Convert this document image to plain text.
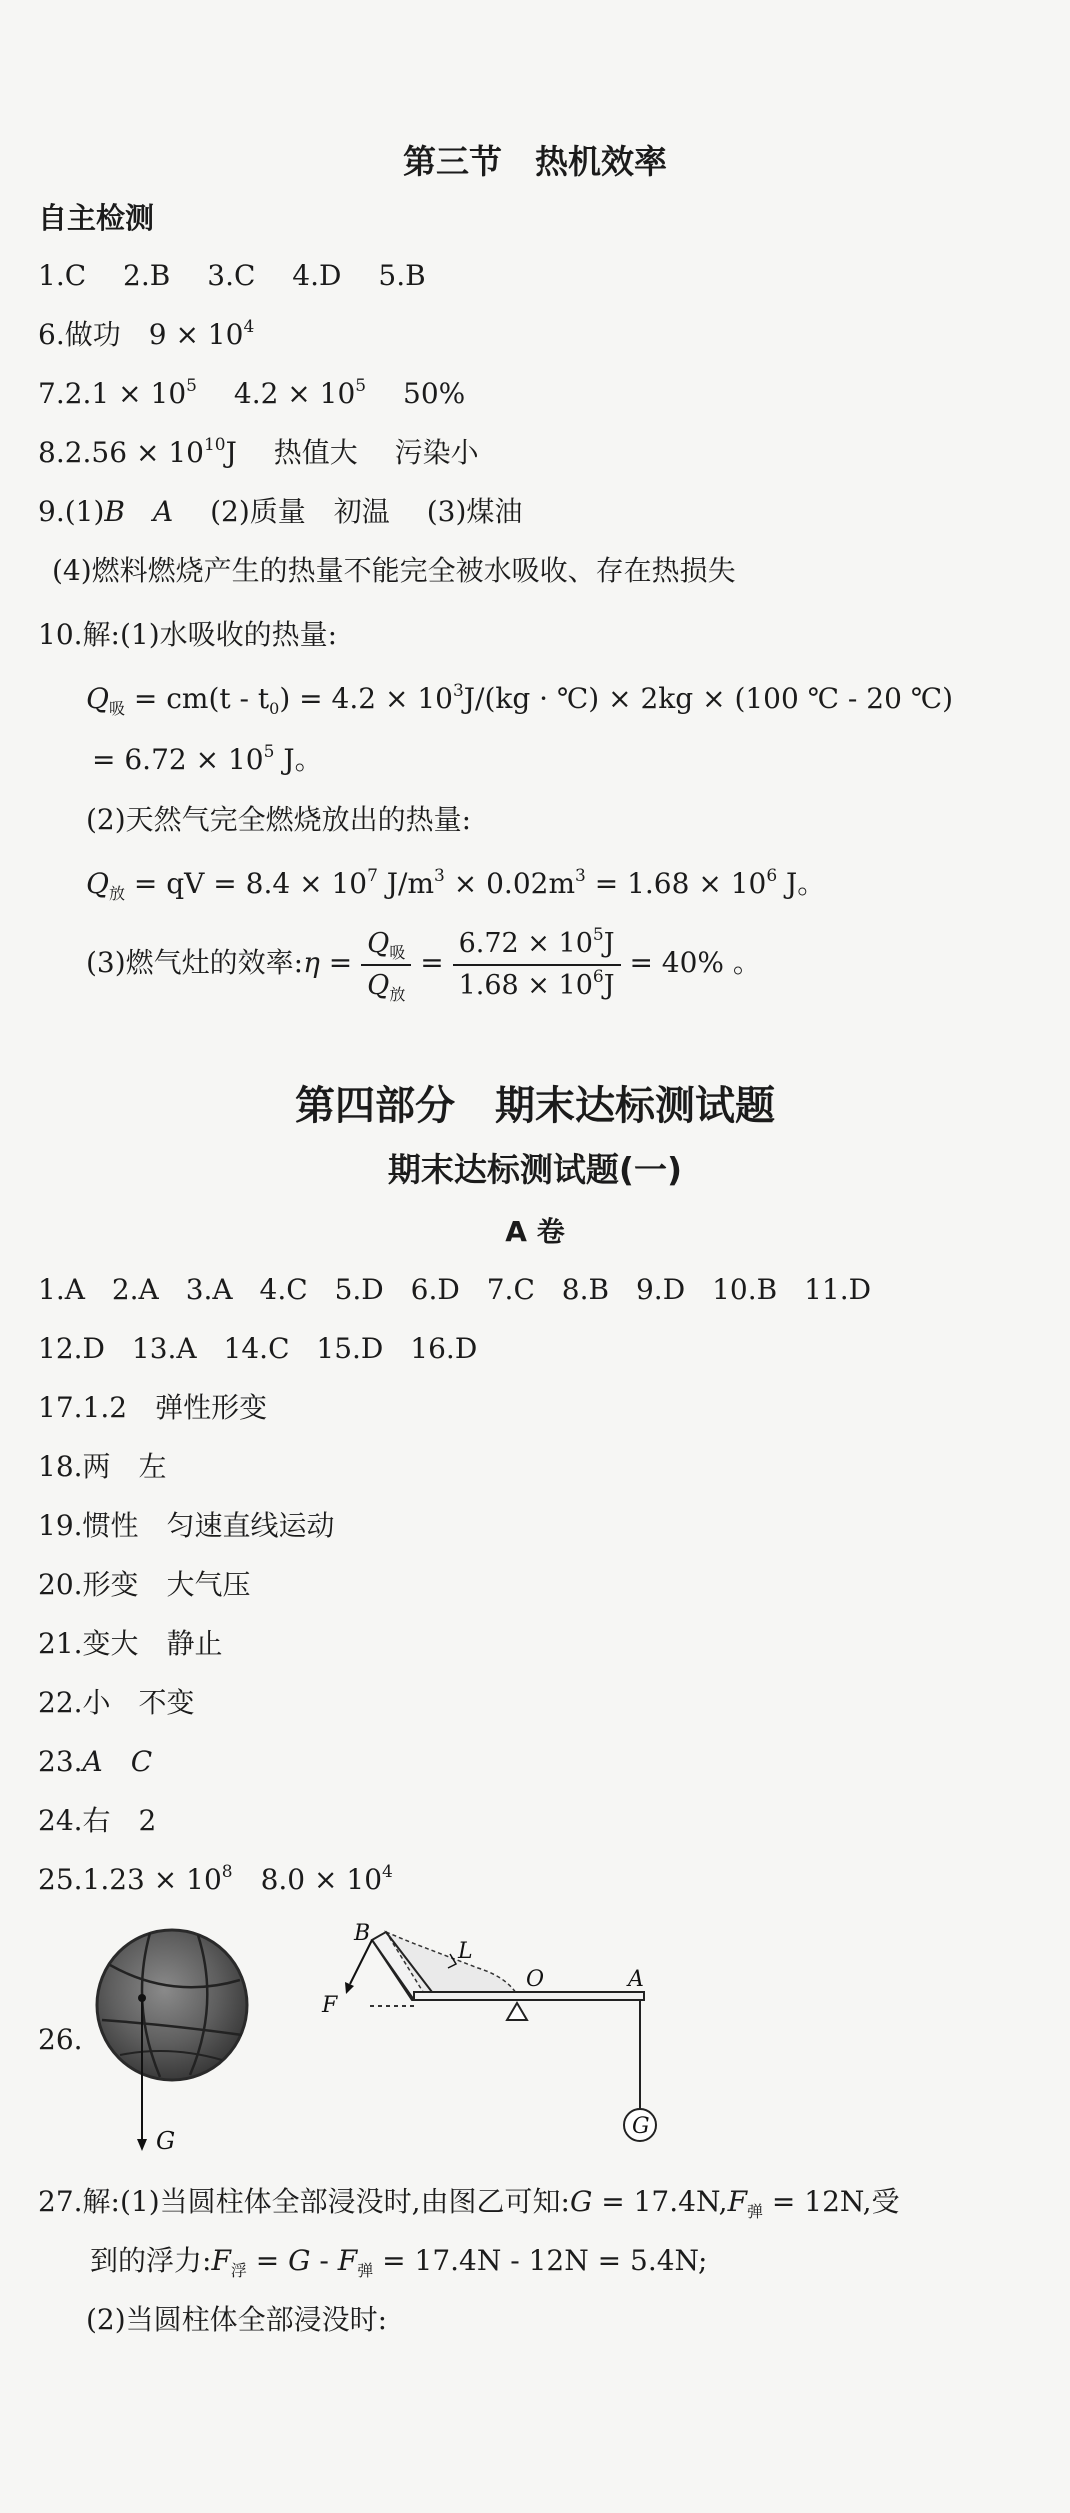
第三节　热机效率
自主检测
1.C 2.B 3.C 4.D 5.B
6.做功 $9 \times 10^4$
$7.2.1 \times 10^5$ $4.2 \times 10^5$ 50%
$8.2.56 \times 10^{10}J$ 热值大 污染小
9.(1)B A (2)质量 初温 (3)煤油
(4)燃料燃烧产生的热量不能完全被水吸收、存在热损失
10.解:(1)水吸收的热量:
$Q_吸 = cm(t - t_0) = 4.2 \times 10^3J/(kg$ · ℃) × 2kg × (100 ℃ - 20 ℃)
= $6.72 \times 10^5$ J。
(2)天然气完全燃烧放出的热量:
$Q_放$ = qV = $8.4 \times 10^7$ $J/m^3 \times 0.02m^3 = 1.68 \times 10^6$ J。
(3)燃气灶的效率:η = $\frac{Q_吸}{Q_放} = \frac{6.72 \times 10^5J}{1.68 \times 10^6J} = 40\%$ 。
第四部分　期末达标测试题
期末达标测试题(一)
A 卷
1.A 2.A 3.A 4.C 5.D 6.D 7.C 8.B 9.D 10.B 11.D
12.D 13.A 14.C 15.D 16.D
17.1.2 弹性形变
18.两 左
19.惯性 匀速直线运动
20.形变 大气压
21.变大 静止
22.小 不变
23.A C
24.右 2
$25.1.23 \times 10^8$ $8.0 \times 10^4$
26.
G
G
B
F
L
O	A
27.解:(1)当圆柱体全部浸没时,由图乙可知:G = $17.4N,F_弹 = 12N$,受
到的浮力$:F_浮 = G - F_弹 = 17.4N - 12N = 5.4N$;
(2)当圆柱体全部浸没时:
